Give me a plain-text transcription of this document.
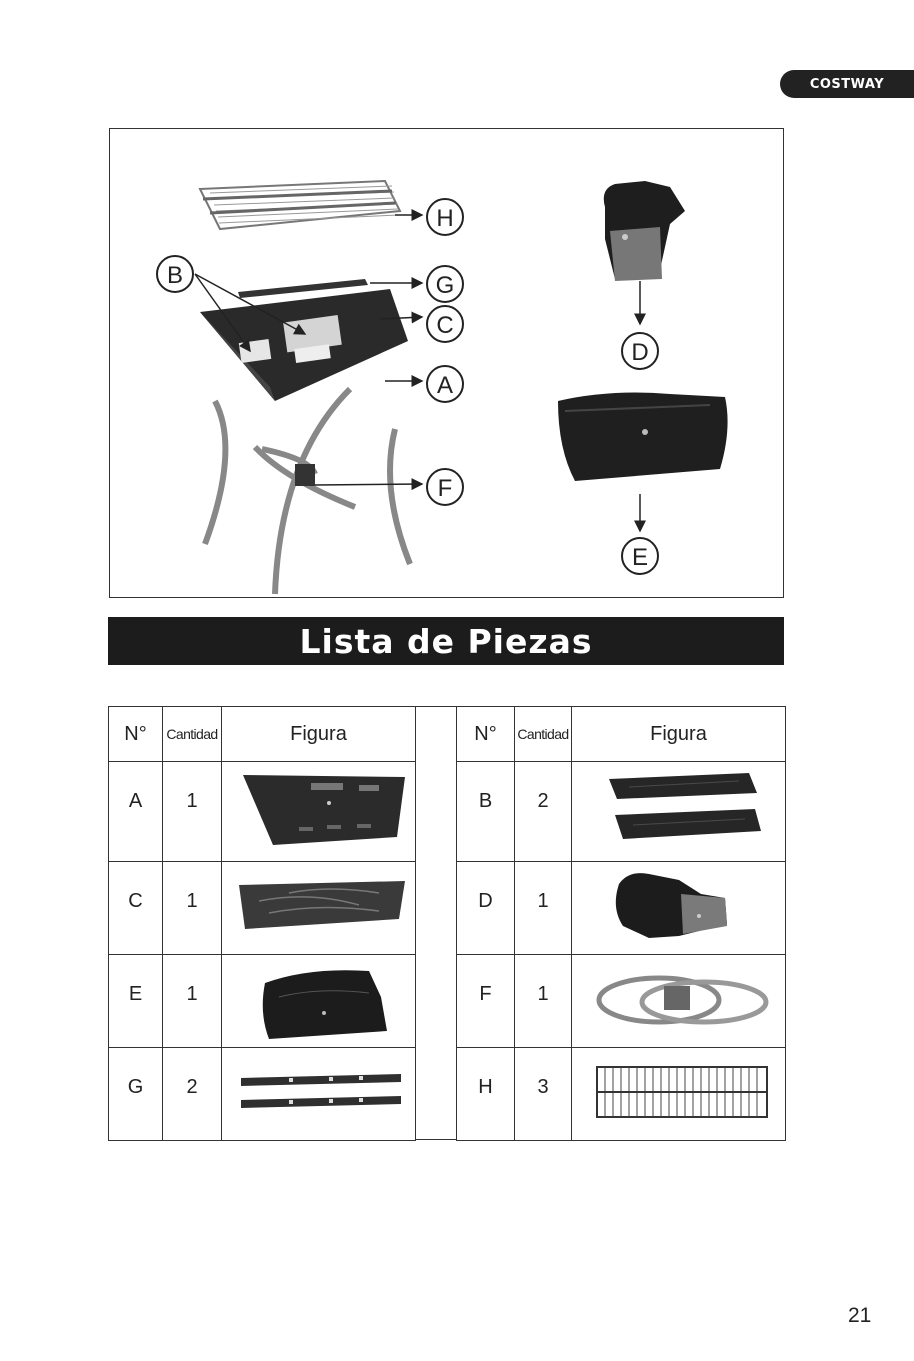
COSTWAY
H
G
C
A
F
B
D
E
Lista de Piezas
N°	Cantidad	Figura
A	1	
C	1	
E	1	
G	2	
N°	Cantidad	Figura
B	2	
D	1	
F	1	
H	3	
21
